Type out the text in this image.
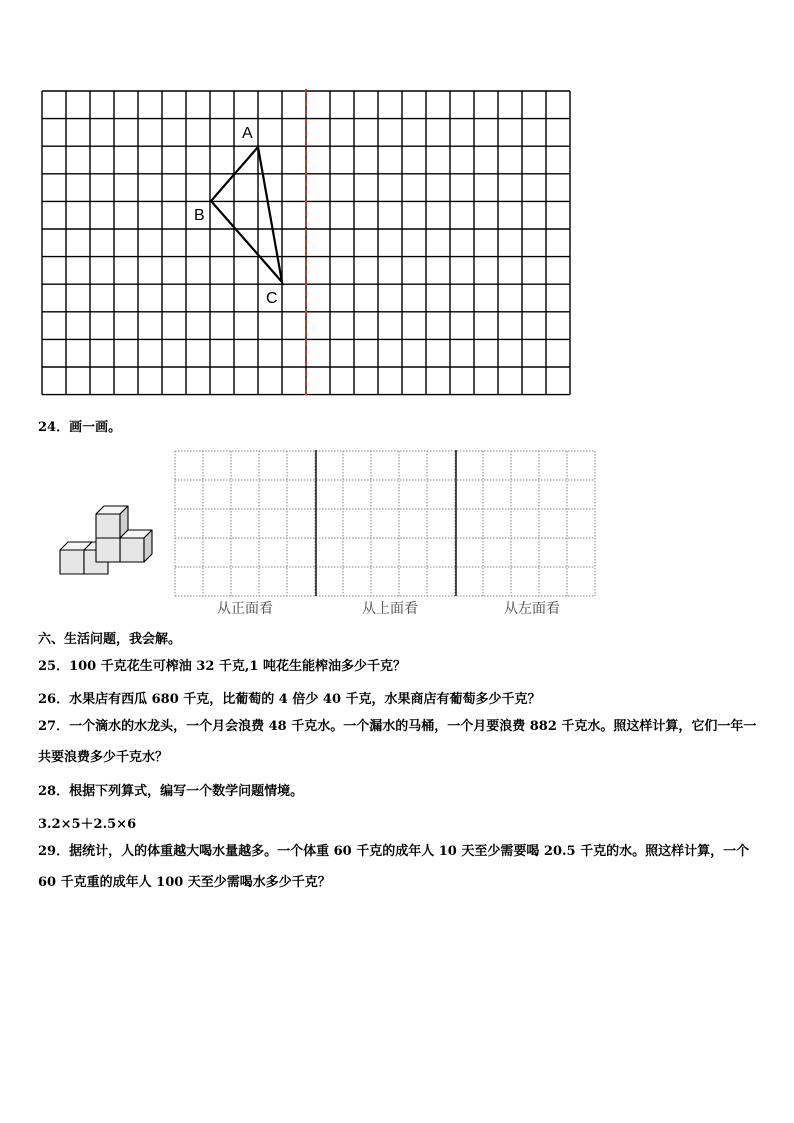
A
B
C
24．画一画。
从正面看	从上面看	从左面看
六、生活问题，我会解。
25．100 千克花生可榨油 32 千克,1 吨花生能榨油多少千克？
26．水果店有西瓜 680 千克，比葡萄的 4 倍少 40 千克，水果商店有葡萄多少千克？
27．一个滴水的水龙头，一个月会浪费 48 千克水。一个漏水的马桶，一个月要浪费 882 千克水。照这样计算，它们一年一共要浪费多少千克水？
28．根据下列算式，编写一个数学问题情境。
3.2×5＋2.5×6
29．据统计，人的体重越大喝水量越多。一个体重 60 千克的成年人 10 天至少需要喝 20.5 千克的水。照这样计算，一个 60 千克重的成年人 100 天至少需喝水多少千克？
